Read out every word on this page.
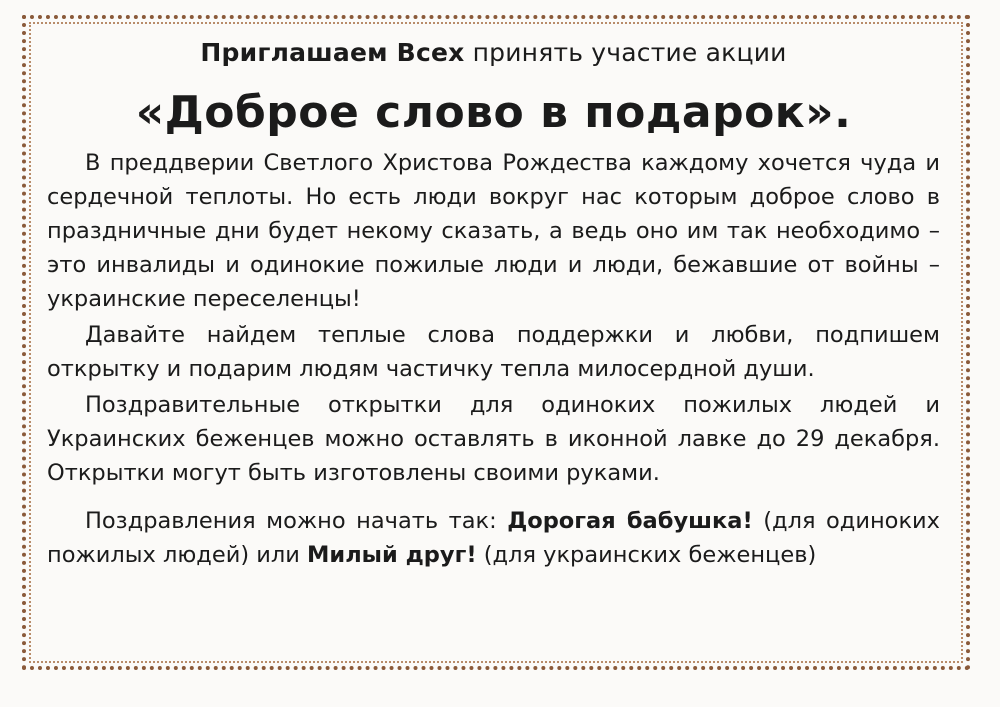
Приглашаем Всех принять участие акции

«Доброе слово в подарок».

В преддверии Светлого Христова Рождества каждому хочется чуда и сердечной теплоты. Но есть люди вокруг нас которым доброе слово в праздничные дни будет некому сказать, а ведь оно им так необходимо – это инвалиды и одинокие пожилые люди и люди, бежавшие от войны – украинские переселенцы!

Давайте найдем теплые слова поддержки и любви, подпишем открытку и подарим людям частичку тепла милосердной души.

Поздравительные открытки для одиноких пожилых людей и Украинских беженцев можно оставлять в иконной лавке до 29 декабря. Открытки могут быть изготовлены своими руками.

Поздравления можно начать так: Дорогая бабушка! (для одиноких пожилых людей) или Милый друг! (для украинских беженцев)
